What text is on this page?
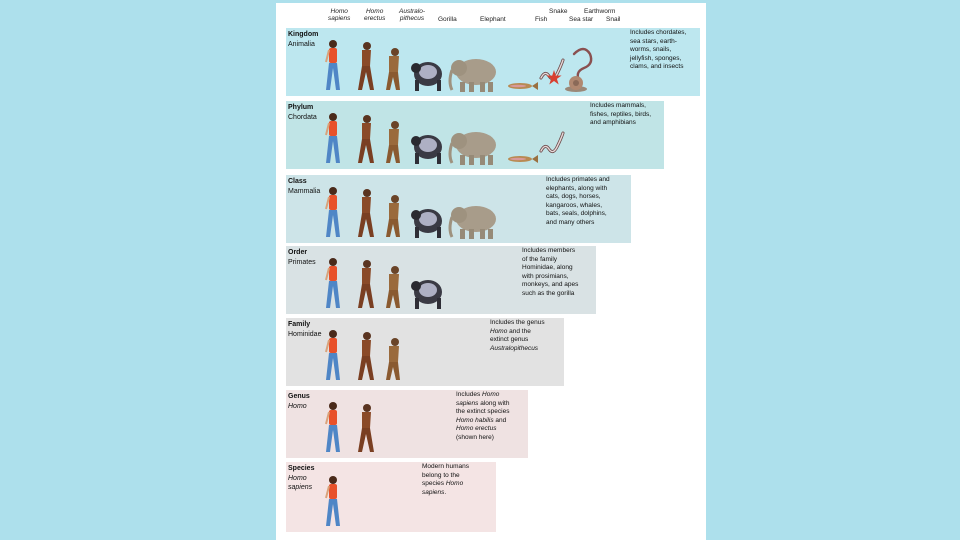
Homo
sapiens
Homo
erectus
Australo-
pithecus Gorilla	Elephant	Fish
Snake
Sea star
Earthworm
Snail
Kingdom
Animalia
Includes chordates,
sea stars, earth-
worms, snails,
jellyfish, sponges,
clams, and insects
Phylum
Chordata
Includes mammals,
fishes, reptiles, birds,
and amphibians
Class
Mammalia
Includes primates and
elephants, along with
cats, dogs, horses,
kangaroos, whales,
bats, seals, dolphins,
and many others
Order
Primates
Includes members
of the family
Hominidae, along
with prosimians,
monkeys, and apes
such as the gorilla
Family
Hominidae
Includes the genus
Homo and the
extinct genus
Australopithecus
Genus
Homo
Includes Homo
sapiens along with
the extinct species
Homo habilis and
Homo erectus
(shown here)
Species
Homo
sapiens
Modern humans
belong to the
species Homo
sapiens.
